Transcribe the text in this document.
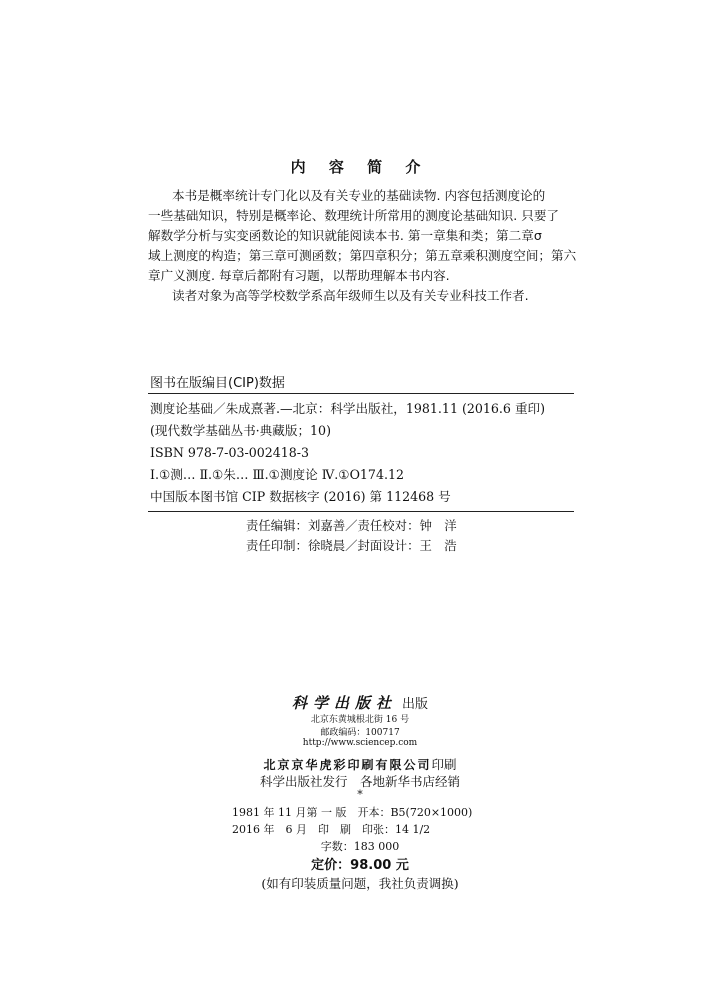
内 容 简 介
本书是概率统计专门化以及有关专业的基础读物. 内容包括测度论的
一些基础知识，特别是概率论、数理统计所常用的测度论基础知识. 只要了
解数学分析与实变函数论的知识就能阅读本书. 第一章集和类；第二章σ
域上测度的构造；第三章可测函数；第四章积分；第五章乘积测度空间；第六
章广义测度. 每章后都附有习题，以帮助理解本书内容.
读者对象为高等学校数学系高年级师生以及有关专业科技工作者.
图书在版编目(CIP)数据
测度论基础／朱成熹著.—北京：科学出版社，1981.11 (2016.6 重印)
(现代数学基础丛书·典藏版；10)
ISBN 978-7-03-002418-3
Ⅰ.①测… Ⅱ.①朱… Ⅲ.①测度论 Ⅳ.①O174.12
中国版本图书馆 CIP 数据核字 (2016) 第 112468 号
责任编辑：刘嘉善／责任校对：钟　洋
责任印制：徐晓晨／封面设计：王　浩
科学出版社 出版
北京东黄城根北街 16 号
邮政编码：100717
http://www.sciencep.com
北京京华虎彩印刷有限公司印刷
科学出版社发行　各地新华书店经销
*
1981 年 11 月第 一 版　开本：B5(720×1000)
2016 年　6 月　印　刷　印张：14 1/2
字数：183 000
定价：98.00 元
(如有印装质量问题，我社负责调换)
